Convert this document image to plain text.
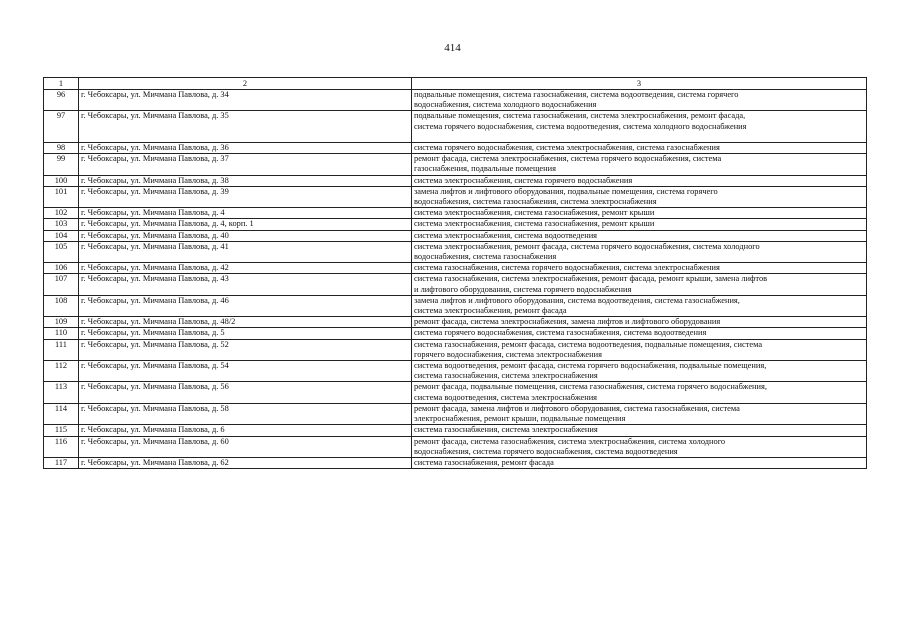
414
1	2	3
96	г. Чебоксары, ул. Мичмана Павлова, д. 34	подвальные помещения, система газоснабжения, система водоотведения, система горячего
водоснабжения, система холодного водоснабжения

97	г. Чебоксары, ул. Мичмана Павлова, д. 35	подвальные помещения, система газоснабжения, система электроснабжения, ремонт фасада,
система горячего водоснабжения, система водоотведения, система холодного водоснабжения

98	г. Чебоксары, ул. Мичмана Павлова, д. 36	система горячего водоснабжения, система электроснабжения, система газоснабжения

99	г. Чебоксары, ул. Мичмана Павлова, д. 37	ремонт фасада, система электроснабжения, система горячего водоснабжения, система
газоснабжения, подвальные помещения

100	г. Чебоксары, ул. Мичмана Павлова, д. 38	система электроснабжения, система горячего водоснабжения

101	г. Чебоксары, ул. Мичмана Павлова, д. 39	замена лифтов и лифтового оборудования, подвальные помещения, система горячего
водоснабжения, система газоснабжения, система электроснабжения

102	г. Чебоксары, ул. Мичмана Павлова, д. 4	система электроснабжения, система газоснабжения, ремонт крыши

103	г. Чебоксары, ул. Мичмана Павлова, д. 4, корп. 1	система электроснабжения, система газоснабжения, ремонт крыши

104	г. Чебоксары, ул. Мичмана Павлова, д. 40	система электроснабжения, система водоотведения

105	г. Чебоксары, ул. Мичмана Павлова, д. 41	система электроснабжения, ремонт фасада, система горячего водоснабжения, система холодного
водоснабжения, система газоснабжения

106	г. Чебоксары, ул. Мичмана Павлова, д. 42	система газоснабжения, система горячего водоснабжения, система электроснабжения

107	г. Чебоксары, ул. Мичмана Павлова, д. 43	система газоснабжения, система электроснабжения, ремонт фасада, ремонт крыши, замена лифтов
и лифтового оборудования, система горячего водоснабжения

108	г. Чебоксары, ул. Мичмана Павлова, д. 46	замена лифтов и лифтового оборудования, система водоотведения, система газоснабжения,
система электроснабжения, ремонт фасада

109	г. Чебоксары, ул. Мичмана Павлова, д. 48/2	ремонт фасада, система электроснабжения, замена лифтов и лифтового оборудования

110	г. Чебоксары, ул. Мичмана Павлова, д. 5	система горячего водоснабжения, система газоснабжения, система водоотведения

111	г. Чебоксары, ул. Мичмана Павлова, д. 52	система газоснабжения, ремонт фасада, система водоотведения, подвальные помещения, система
горячего водоснабжения, система электроснабжения

112	г. Чебоксары, ул. Мичмана Павлова, д. 54	система водоотведения, ремонт фасада, система горячего водоснабжения, подвальные помещения,
система газоснабжения, система электроснабжения

113	г. Чебоксары, ул. Мичмана Павлова, д. 56	ремонт фасада, подвальные помещения, система газоснабжения, система горячего водоснабжения,
система водоотведения, система электроснабжения

114	г. Чебоксары, ул. Мичмана Павлова, д. 58	ремонт фасада, замена лифтов и лифтового оборудования, система газоснабжения, система
электроснабжения, ремонт крыши, подвальные помещения

115	г. Чебоксары, ул. Мичмана Павлова, д. 6	система газоснабжения, система электроснабжения

116	г. Чебоксары, ул. Мичмана Павлова, д. 60	ремонт фасада, система газоснабжения, система электроснабжения, система холодного
водоснабжения, система горячего водоснабжения, система водоотведения

117	г. Чебоксары, ул. Мичмана Павлова, д. 62	система газоснабжения, ремонт фасада
